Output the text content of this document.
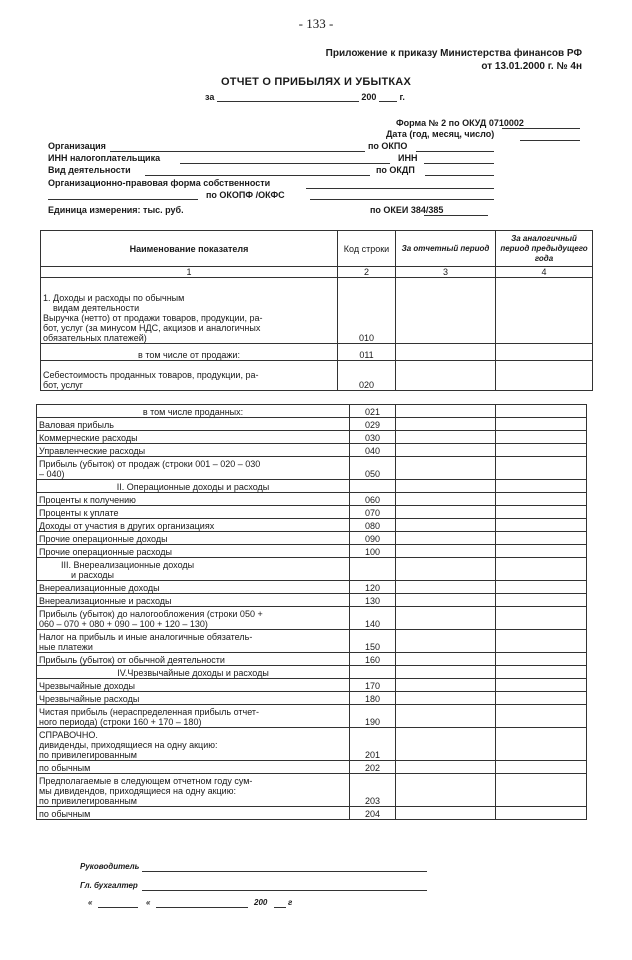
- 133 -
Приложение к приказу Министерства финансов РФ
от 13.01.2000 г. № 4н
ОТЧЕТ О ПРИБЫЛЯХ И УБЫТКАХ
за	200	г.
Форма № 2 по ОКУД 0710002
Дата (год, месяц, число)
Организация	по ОКПО
ИНН налогоплательщика	ИНН
Вид деятельности	по ОКДП
Организационно-правовая форма собственности
по ОКОПФ /ОКФС
Единица измерения: тыс. руб.	по ОКЕИ 384/385
Наименование показателя	Код строки	За отчетный период	За аналогичный период предыдущего года
1	2	3	4
1. Доходы и расходы по обычным
видам деятельности
Выручка (нетто) от продажи товаров, продукции, ра-
бот, услуг (за минусом НДС, акцизов и аналогичных
обязательных платежей)	010		
в том числе от продажи:	011		
Себестоимость проданных товаров, продукции, ра-
бот, услуг	020		
в том числе проданных:	021		
Валовая прибыль	029		
Коммерческие расходы	030		
Управленческие расходы	040		
Прибыль (убыток) от продаж (строки 001 – 020 – 030
– 040)	050		
II. Операционные доходы и расходы			
Проценты к получению	060		
Проценты к уплате	070		
Доходы от участия в других организациях	080		
Прочие операционные доходы	090		
Прочие операционные расходы	100		
III. Внереализационные доходы
и расходы			
Внереализационные доходы	120		
Внереализационные и расходы	130		
Прибыль (убыток) до налогообложения (строки 050 +
060 – 070 + 080 + 090 – 100 + 120 – 130)	140		
Налог на прибыль и иные аналогичные обязатель-
ные платежи	150		
Прибыль (убыток) от обычной деятельности	160		
IV.Чрезвычайные доходы и расходы			
Чрезвычайные доходы	170		
Чрезвычайные расходы	180		
Чистая прибыль (нераспределенная прибыль отчет-
ного периода) (строки 160 + 170 – 180)	190		
СПРАВОЧНО.
дивиденды, приходящиеся на одну акцию:
по привилегированным	201		
по обычным	202		
Предполагаемые в следующем отчетном году сум-
мы дивидендов, приходящиеся на одну акцию:
по привилегированным	203		
по обычным	204		
Руководитель
Гл. бухгалтер
«	«	200	г
